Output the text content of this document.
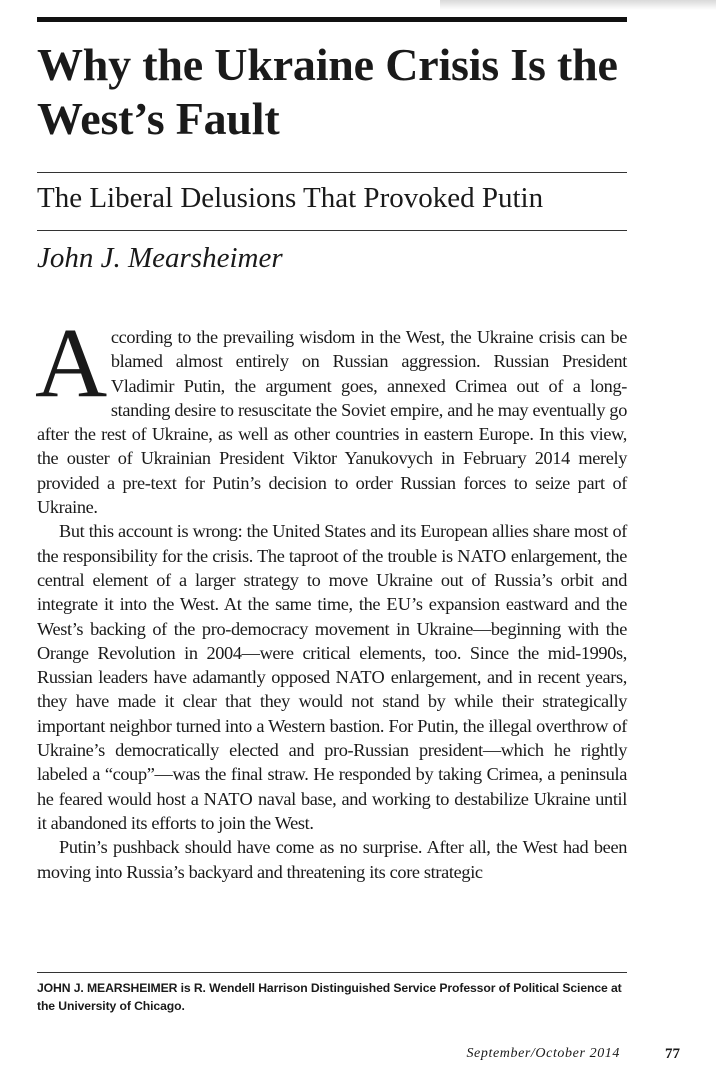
Why the Ukraine Crisis Is the West’s Fault
The Liberal Delusions That Provoked Putin
John J. Mearsheimer

According to the prevailing wisdom in the West, the Ukraine crisis can be blamed almost entirely on Russian aggression. Russian President Vladimir Putin, the argument goes, annexed Crimea out of a long-standing desire to resuscitate the Soviet empire, and he may eventually go after the rest of Ukraine, as well as other countries in eastern Europe. In this view, the ouster of Ukrainian President Viktor Yanukovych in February 2014 merely provided a pre-text for Putin’s decision to order Russian forces to seize part of Ukraine.

But this account is wrong: the United States and its European allies share most of the responsibility for the crisis. The taproot of the trouble is NATO enlargement, the central element of a larger strategy to move Ukraine out of Russia’s orbit and integrate it into the West. At the same time, the EU’s expansion eastward and the West’s backing of the pro-democracy movement in Ukraine—beginning with the Orange Revolution in 2004—were critical elements, too. Since the mid-1990s, Russian leaders have adamantly opposed NATO enlargement, and in recent years, they have made it clear that they would not stand by while their strategically important neighbor turned into a Western bastion. For Putin, the illegal overthrow of Ukraine’s democratically elected and pro-Russian president—which he rightly labeled a “coup”—was the final straw. He responded by taking Crimea, a peninsula he feared would host a NATO naval base, and working to destabilize Ukraine until it abandoned its efforts to join the West.

Putin’s pushback should have come as no surprise. After all, the West had been moving into Russia’s backyard and threatening its core strategic

JOHN J. MEARSHEIMER is R. Wendell Harrison Distinguished Service Professor of Political Science at the University of Chicago.
September/October 2014	77
